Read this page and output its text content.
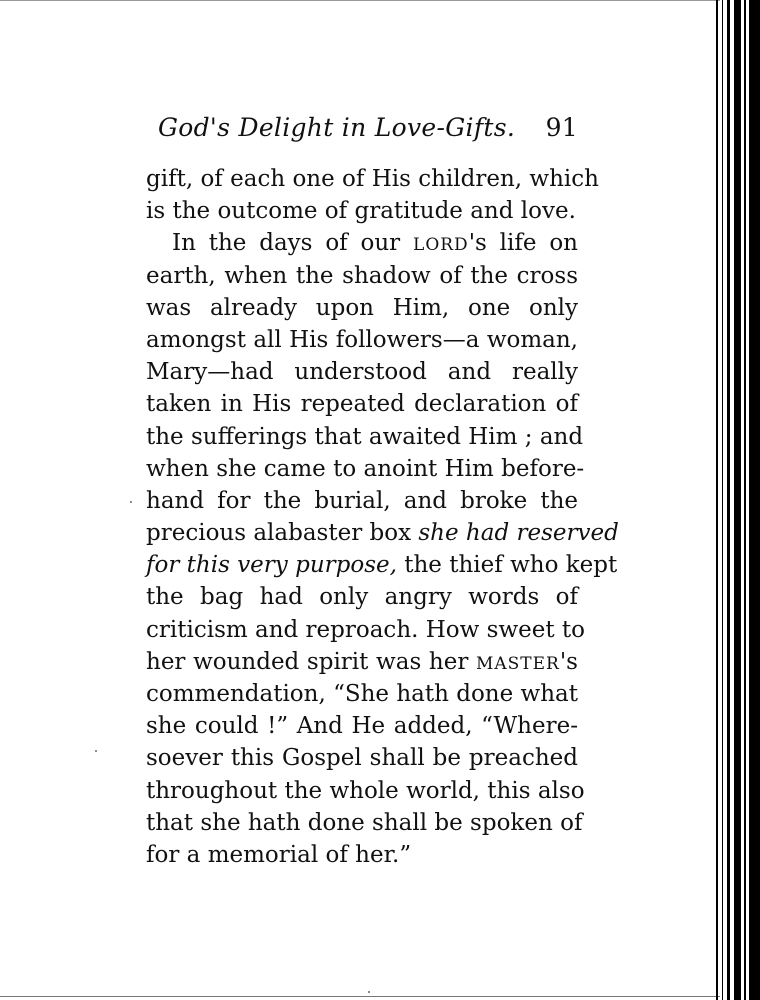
God's Delight in Love-Gifts. 91
gift, of each one of His children, which
is the outcome of gratitude and love.
In the days of our LORD's life on
earth, when the shadow of the cross
was already upon Him, one only
amongst all His followers—a woman,
Mary—had understood and really
taken in His repeated declaration of
the sufferings that awaited Him ; and
when she came to anoint Him before-
hand for the burial, and broke the
precious alabaster box she had reserved
for this very purpose, the thief who kept
the bag had only angry words of
criticism and reproach. How sweet to
her wounded spirit was her MASTER's
commendation, “She hath done what
she could !” And He added, “Where-
soever this Gospel shall be preached
throughout the whole world, this also
that she hath done shall be spoken of
for a memorial of her.”
